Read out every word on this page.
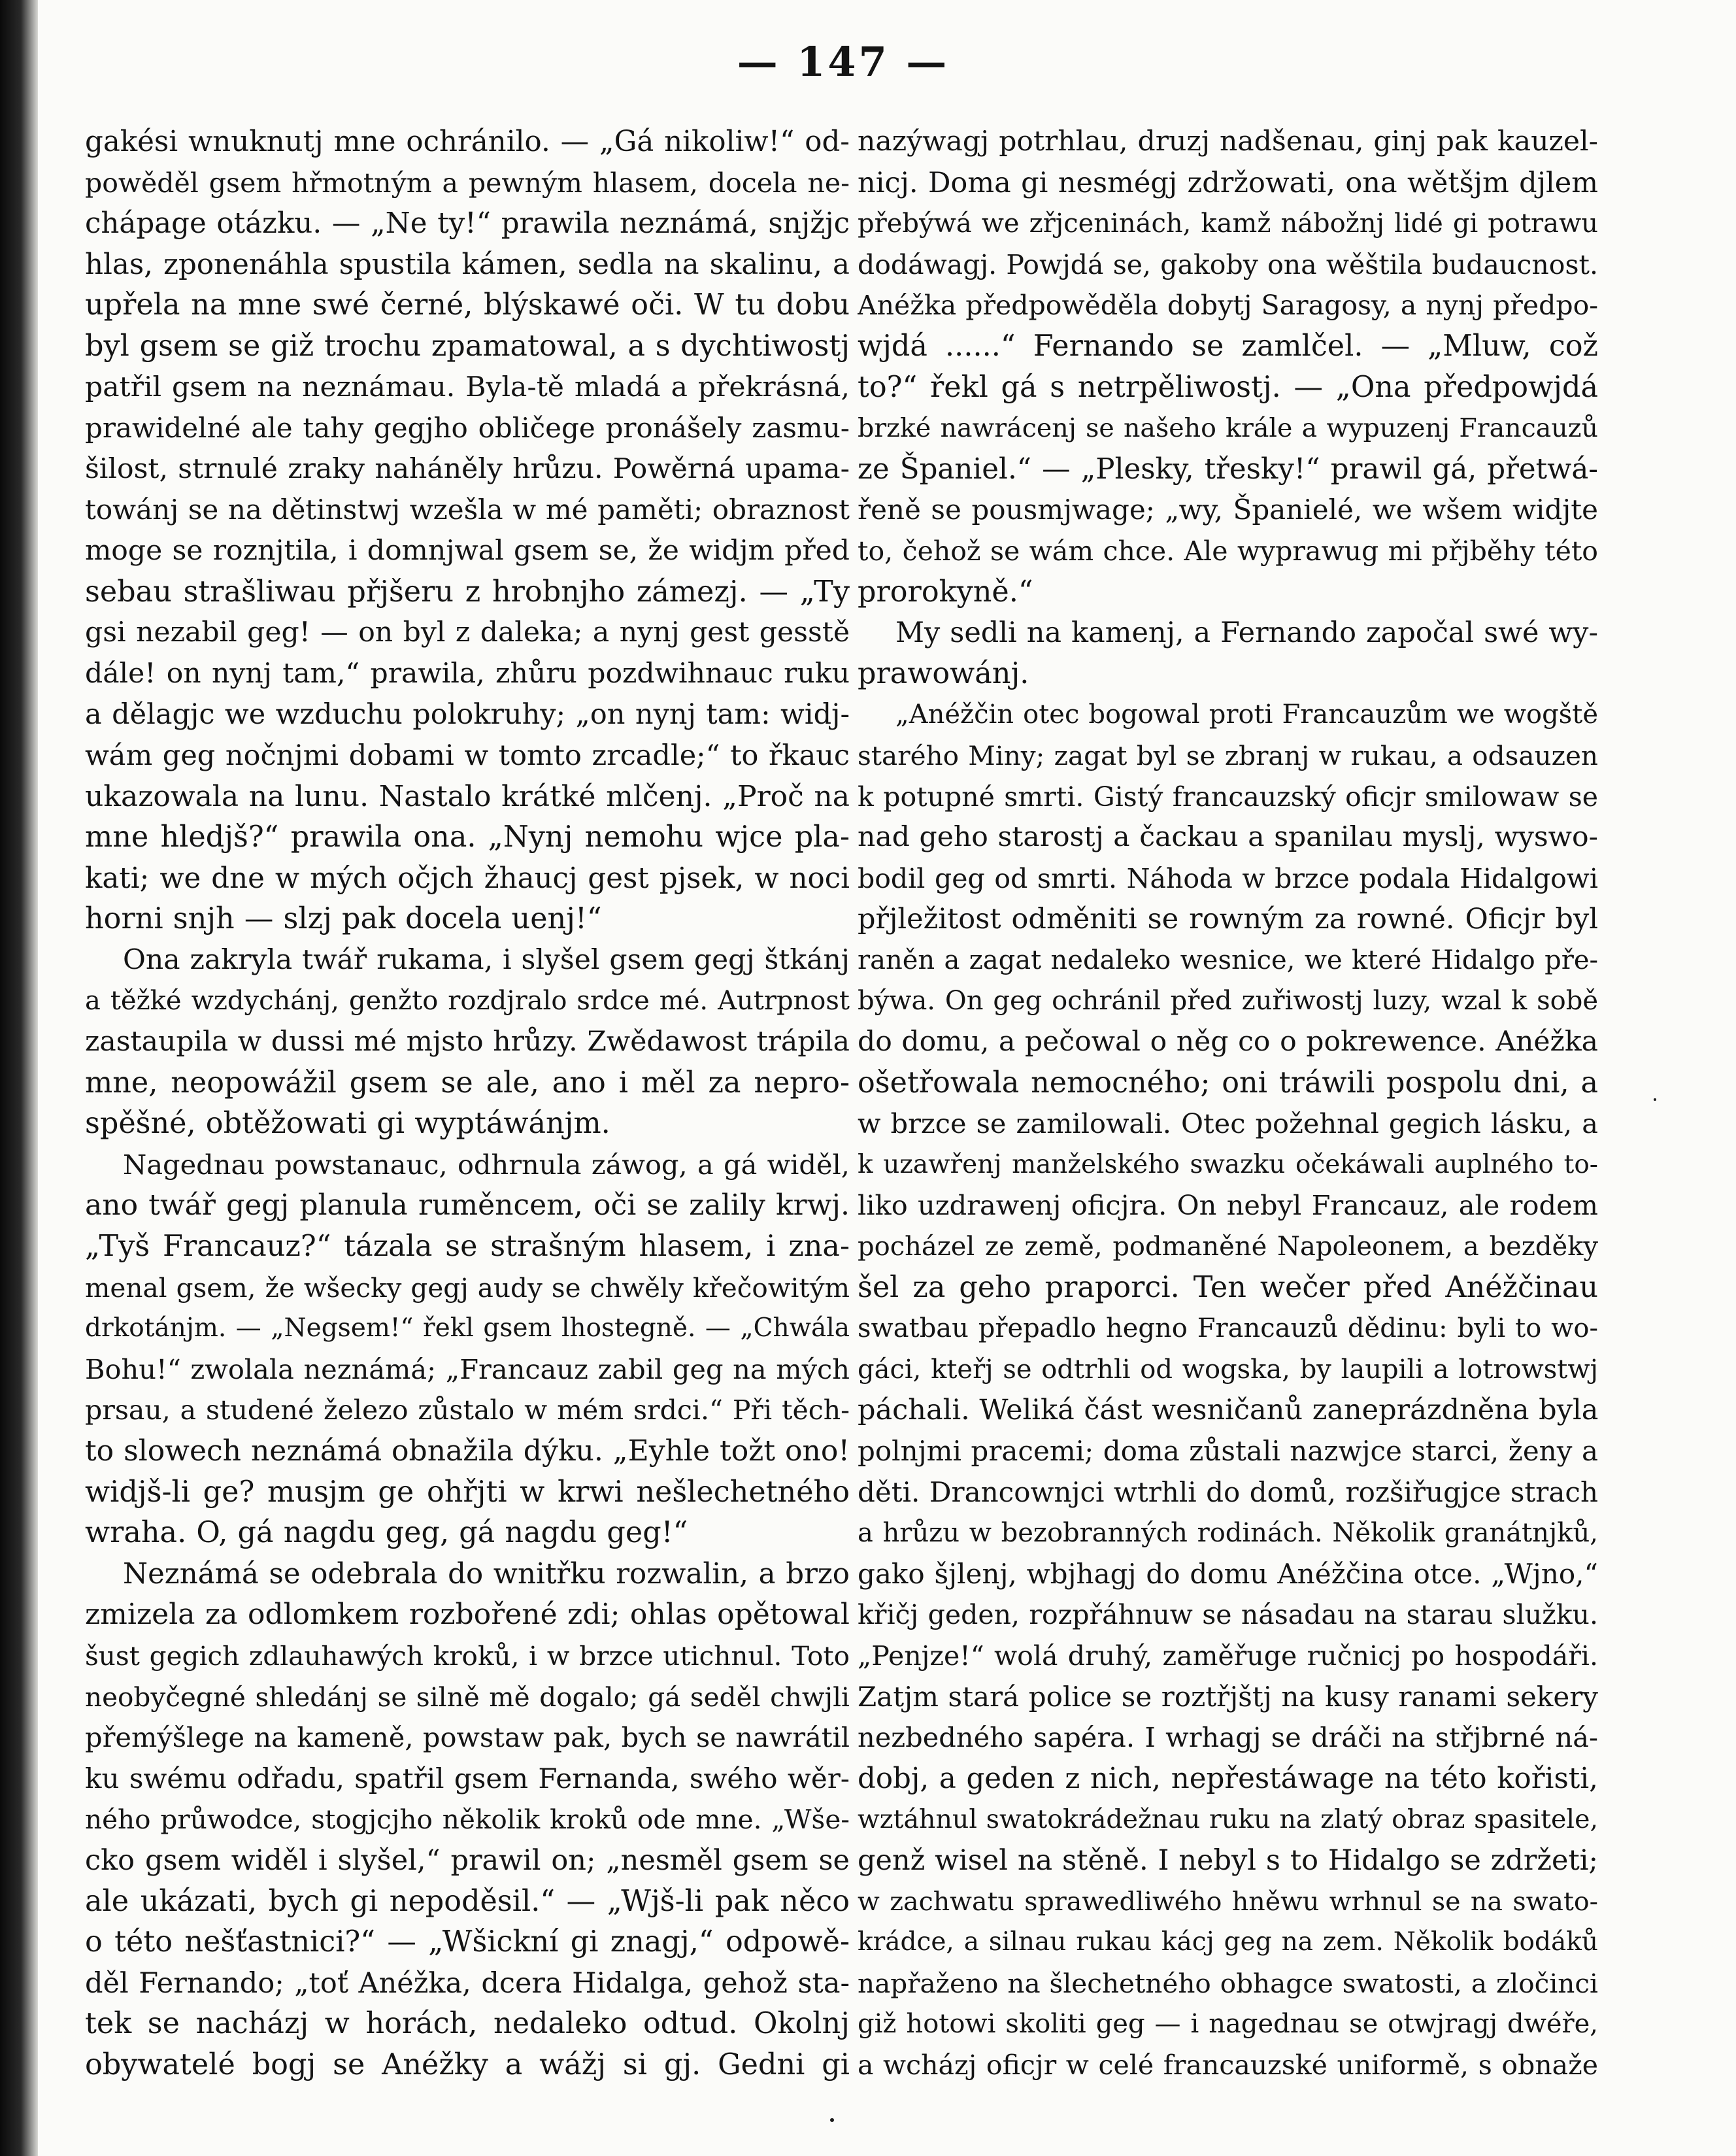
— 147 —
gakési wnuknutj mne ochránilo. — „Gá nikoliw!“ od-
powěděl gsem hřmotným a pewným hlasem, docela ne-
chápage otázku. — „Ne ty!“ prawila neznámá, snjžjc
hlas, zponenáhla spustila kámen, sedla na skalinu, a
upřela na mne swé černé, blýskawé oči. W tu dobu
byl gsem se giž trochu zpamatowal, a s dychtiwostj
patřil gsem na neznámau. Byla-tě mladá a překrásná,
prawidelné ale tahy gegjho obličege pronášely zasmu-
šilost, strnulé zraky naháněly hrůzu. Powěrná upama-
towánj se na dětinstwj wzešla w mé paměti; obraznost
moge se roznjtila, i domnjwal gsem se, že widjm před
sebau strašliwau přjšeru z hrobnjho zámezj. — „Ty
gsi nezabil geg! — on byl z daleka; a nynj gest gesstě
dále! on nynj tam,“ prawila, zhůru pozdwihnauc ruku
a dělagjc we wzduchu polokruhy; „on nynj tam: widj-
wám geg nočnjmi dobami w tomto zrcadle;“ to řkauc
ukazowala na lunu. Nastalo krátké mlčenj. „Proč na
mne hledjš?“ prawila ona. „Nynj nemohu wjce pla-
kati; we dne w mých očjch žhaucj gest pjsek, w noci
horni snjh — slzj pak docela uenj!“
Ona zakryla twář rukama, i slyšel gsem gegj štkánj
a těžké wzdychánj, genžto rozdjralo srdce mé. Autrpnost
zastaupila w dussi mé mjsto hrůzy. Zwědawost trápila
mne, neopowážil gsem se ale, ano i měl za nepro-
spěšné, obtěžowati gi wyptáwánjm.
Nagednau powstanauc, odhrnula záwog, a gá widěl,
ano twář gegj planula ruměncem, oči se zalily krwj.
„Tyš Francauz?“ tázala se strašným hlasem, i zna-
menal gsem, že wšecky gegj audy se chwěly křečowitým
drkotánjm. — „Negsem!“ řekl gsem lhostegně. — „Chwála
Bohu!“ zwolala neznámá; „Francauz zabil geg na mých
prsau, a studené železo zůstalo w mém srdci.“ Při těch-
to slowech neznámá obnažila dýku. „Eyhle tožt ono!
widjš-li ge? musjm ge ohřjti w krwi nešlechetného
wraha. O, gá nagdu geg, gá nagdu geg!“
Neznámá se odebrala do wnitřku rozwalin, a brzo
zmizela za odlomkem rozbořené zdi; ohlas opětowal
šust gegich zdlauhawých kroků, i w brzce utichnul. Toto
neobyčegné shledánj se silně mě dogalo; gá seděl chwjli
přemýšlege na kameně, powstaw pak, bych se nawrátil
ku swému odřadu, spatřil gsem Fernanda, swého wěr-
ného průwodce, stogjcjho několik kroků ode mne. „Wše-
cko gsem widěl i slyšel,“ prawil on; „nesměl gsem se
ale ukázati, bych gi nepoděsil.“ — „Wjš-li pak něco
o této nešťastnici?“ — „Wšickní gi znagj,“ odpowě-
děl Fernando; „toť Anéžka, dcera Hidalga, gehož sta-
tek se nacházj w horách, nedaleko odtud. Okolnj
obywatelé bogj se Anéžky a wážj si gj. Gedni gi
nazýwagj potrhlau, druzj nadšenau, ginj pak kauzel-
nicj. Doma gi nesmégj zdržowati, ona wětšjm djlem
přebýwá we zřjceninách, kamž nábožnj lidé gi potrawu
dodáwagj. Powjdá se, gakoby ona wěštila budaucnost.
Anéžka předpowěděla dobytj Saragosy, a nynj předpo-
wjdá ......“ Fernando se zamlčel. — „Mluw, což
to?“ řekl gá s netrpěliwostj. — „Ona předpowjdá
brzké nawrácenj se našeho krále a wypuzenj Francauzů
ze Španiel.“ — „Plesky, třesky!“ prawil gá, přetwá-
řeně se pousmjwage; „wy, Španielé, we wšem widjte
to, čehož se wám chce. Ale wyprawug mi přjběhy této
prorokyně.“
My sedli na kamenj, a Fernando započal swé wy-
prawowánj.
„Anéžčin otec bogowal proti Francauzům we wogště
starého Miny; zagat byl se zbranj w rukau, a odsauzen
k potupné smrti. Gistý francauzský oficjr smilowaw se
nad geho starostj a čackau a spanilau myslj, wyswo-
bodil geg od smrti. Náhoda w brzce podala Hidalgowi
přjležitost odměniti se rowným za rowné. Oficjr byl
raněn a zagat nedaleko wesnice, we které Hidalgo pře-
býwa. On geg ochránil před zuřiwostj luzy, wzal k sobě
do domu, a pečowal o něg co o pokrewence. Anéžka
ošetřowala nemocného; oni tráwili pospolu dni, a
w brzce se zamilowali. Otec požehnal gegich lásku, a
k uzawřenj manželského swazku očekáwali auplného to-
liko uzdrawenj oficjra. On nebyl Francauz, ale rodem
pocházel ze země, podmaněné Napoleonem, a bezděky
šel za geho praporci. Ten wečer před Anéžčinau
swatbau přepadlo hegno Francauzů dědinu: byli to wo-
gáci, kteřj se odtrhli od wogska, by laupili a lotrowstwj
páchali. Weliká část wesničanů zaneprázdněna byla
polnjmi pracemi; doma zůstali nazwjce starci, ženy a
děti. Drancownjci wtrhli do domů, rozšiřugjce strach
a hrůzu w bezobranných rodinách. Několik granátnjků,
gako šjlenj, wbjhagj do domu Anéžčina otce. „Wjno,“
křičj geden, rozpřáhnuw se násadau na starau služku.
„Penjze!“ wolá druhý, zaměřuge ručnicj po hospodáři.
Zatjm stará police se roztřjštj na kusy ranami sekery
nezbedného sapéra. I wrhagj se dráči na střjbrné ná-
dobj, a geden z nich, nepřestáwage na této kořisti,
wztáhnul swatokrádežnau ruku na zlatý obraz spasitele,
genž wisel na stěně. I nebyl s to Hidalgo se zdržeti;
w zachwatu sprawedliwého hněwu wrhnul se na swato-
krádce, a silnau rukau kácj geg na zem. Několik bodáků
napřaženo na šlechetného obhagce swatosti, a zločinci
giž hotowi skoliti geg — i nagednau se otwjragj dwéře,
a wcházj oficjr w celé francauzské uniformě, s obnaže
